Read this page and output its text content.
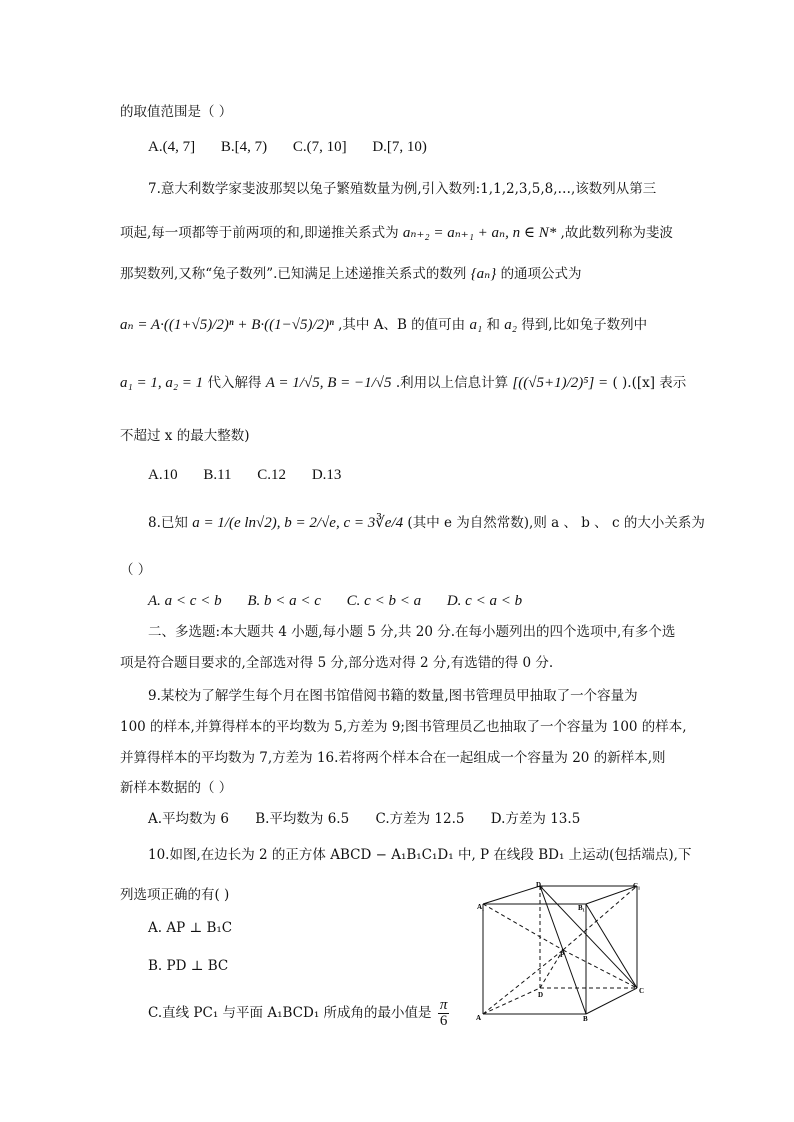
的取值范围是（ ）
A.(4, 7] B.[4, 7) C.(7, 10] D.[7, 10)
7.意大利数学家斐波那契以兔子繁殖数量为例,引入数列:1,1,2,3,5,8,…,该数列从第三
项起,每一项都等于前两项的和,即递推关系式为 aₙ₊₂ = aₙ₊₁ + aₙ, n ∈ N* ,故此数列称为斐波
那契数列,又称“兔子数列”.已知满足上述递推关系式的数列 {aₙ} 的通项公式为
aₙ = A·((1+√5)/2)ⁿ + B·((1−√5)/2)ⁿ ,其中 A、B 的值可由 a₁ 和 a₂ 得到,比如兔子数列中
a₁ = 1, a₂ = 1 代入解得 A = 1/√5, B = −1/√5 .利用以上信息计算 [((√5+1)/2)⁵] = ( ).([x] 表示
不超过 x 的最大整数)
A.10 B.11 C.12 D.13
8.已知 a = 1/(e ln√2), b = 2/√e, c = 3∛e/4 (其中 e 为自然常数),则 a 、 b 、 c 的大小关系为
（ ）
A. a < c < b B. b < a < c C. c < b < a D. c < a < b
二、多选题:本大题共 4 小题,每小题 5 分,共 20 分.在每小题列出的四个选项中,有多个选
项是符合题目要求的,全部选对得 5 分,部分选对得 2 分,有选错的得 0 分.
9.某校为了解学生每个月在图书馆借阅书籍的数量,图书管理员甲抽取了一个容量为
100 的样本,并算得样本的平均数为 5,方差为 9;图书管理员乙也抽取了一个容量为 100 的样本,
并算得样本的平均数为 7,方差为 16.若将两个样本合在一起组成一个容量为 20 的新样本,则
新样本数据的（ ）
A.平均数为 6 B.平均数为 6.5 C.方差为 12.5 D.方差为 13.5
10.如图,在边长为 2 的正方体 ABCD − A₁B₁C₁D₁ 中, P 在线段 BD₁ 上运动(包括端点),下
列选项正确的有( )
A. AP ⊥ B₁C
B. PD ⊥ BC
C.直线 PC₁ 与平面 A₁BCD₁ 所成角的最小值是 $\frac{\pi}{6}$
A₁	B₁
C₁
D₁
A	B
C
D
P
